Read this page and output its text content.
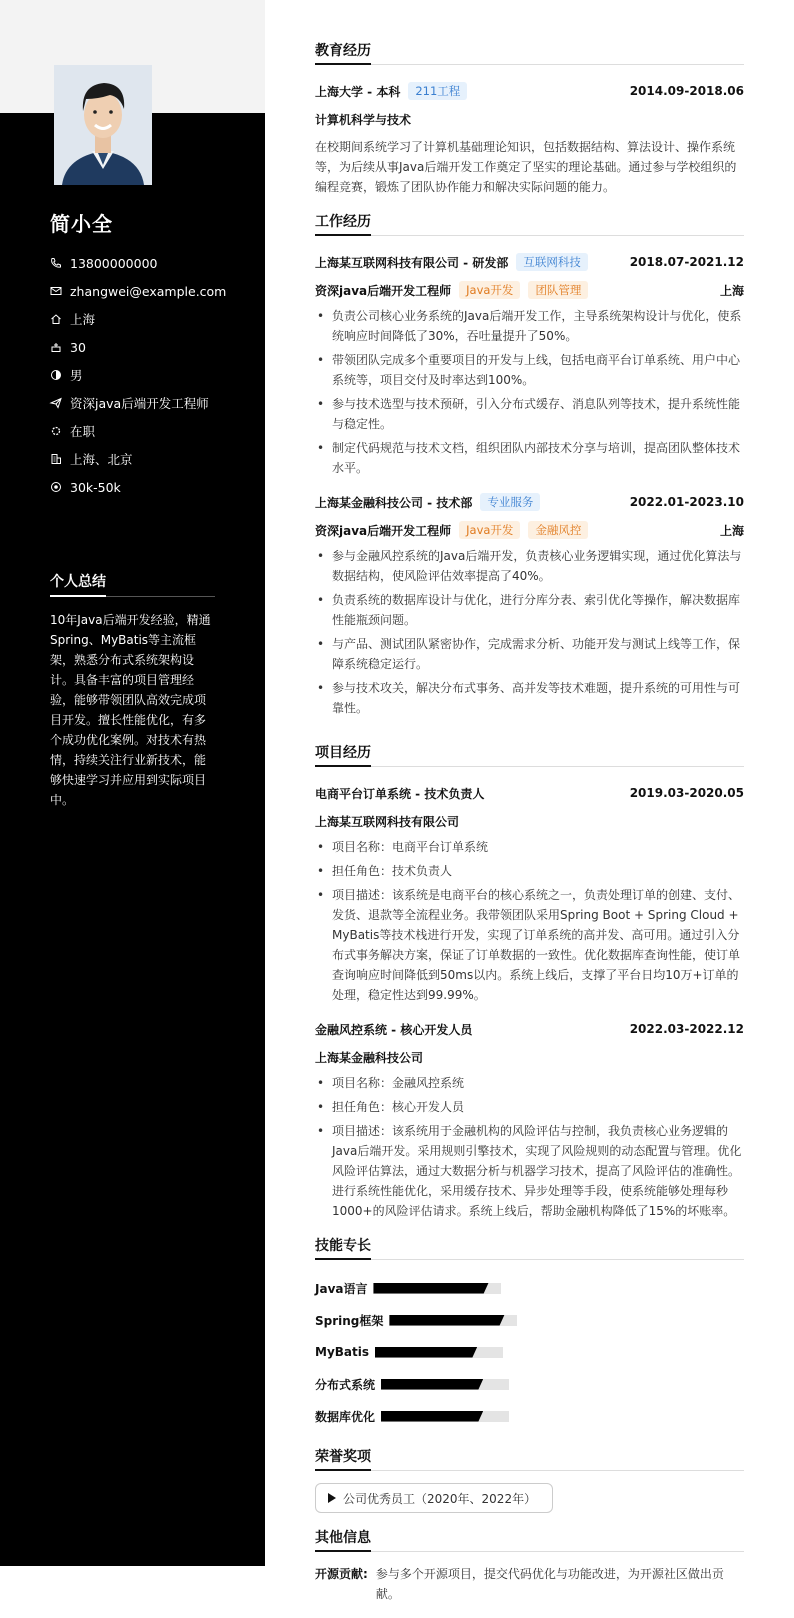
简小全
13800000000
zhangwei@example.com
上海
30
男
资深java后端开发工程师
在职
上海、北京
30k-50k
个人总结
10年Java后端开发经验，精通Spring、MyBatis等主流框架，熟悉分布式系统架构设计。具备丰富的项目管理经验，能够带领团队高效完成项目开发。擅长性能优化，有多个成功优化案例。对技术有热情，持续关注行业新技术，能够快速学习并应用到实际项目中。
教育经历
上海大学 - 本科	211工程	2014.09-2018.06
计算机科学与技术
在校期间系统学习了计算机基础理论知识，包括数据结构、算法设计、操作系统等，为后续从事Java后端开发工作奠定了坚实的理论基础。通过参与学校组织的编程竞赛，锻炼了团队协作能力和解决实际问题的能力。
工作经历
上海某互联网科技有限公司 - 研发部	互联网科技	2018.07-2021.12
资深java后端开发工程师	Java开发	团队管理	上海
• 负责公司核心业务系统的Java后端开发工作，主导系统架构设计与优化，使系统响应时间降低了30%，吞吐量提升了50%。
• 带领团队完成多个重要项目的开发与上线，包括电商平台订单系统、用户中心系统等，项目交付及时率达到100%。
• 参与技术选型与技术预研，引入分布式缓存、消息队列等技术，提升系统性能与稳定性。
• 制定代码规范与技术文档，组织团队内部技术分享与培训，提高团队整体技术水平。
上海某金融科技公司 - 技术部	专业服务	2022.01-2023.10
资深java后端开发工程师	Java开发	金融风控	上海
• 参与金融风控系统的Java后端开发，负责核心业务逻辑实现，通过优化算法与数据结构，使风险评估效率提高了40%。
• 负责系统的数据库设计与优化，进行分库分表、索引优化等操作，解决数据库性能瓶颈问题。
• 与产品、测试团队紧密协作，完成需求分析、功能开发与测试上线等工作，保障系统稳定运行。
• 参与技术攻关，解决分布式事务、高并发等技术难题，提升系统的可用性与可靠性。
项目经历
电商平台订单系统 - 技术负责人	2019.03-2020.05
上海某互联网科技有限公司
• 项目名称：电商平台订单系统
• 担任角色：技术负责人
• 项目描述：该系统是电商平台的核心系统之一，负责处理订单的创建、支付、发货、退款等全流程业务。我带领团队采用Spring Boot + Spring Cloud + MyBatis等技术栈进行开发，实现了订单系统的高并发、高可用。通过引入分布式事务解决方案，保证了订单数据的一致性。优化数据库查询性能，使订单查询响应时间降低到50ms以内。系统上线后，支撑了平台日均10万+订单的处理，稳定性达到99.99%。
金融风控系统 - 核心开发人员	2022.03-2022.12
上海某金融科技公司
• 项目名称：金融风控系统
• 担任角色：核心开发人员
• 项目描述：该系统用于金融机构的风险评估与控制，我负责核心业务逻辑的Java后端开发。采用规则引擎技术，实现了风险规则的动态配置与管理。优化风险评估算法，通过大数据分析与机器学习技术，提高了风险评估的准确性。进行系统性能优化，采用缓存技术、异步处理等手段，使系统能够处理每秒1000+的风险评估请求。系统上线后，帮助金融机构降低了15%的坏账率。
技能专长
Java语言
Spring框架
MyBatis
分布式系统
数据库优化
荣誉奖项
公司优秀员工（2020年、2022年）
其他信息
开源贡献: 参与多个开源项目，提交代码优化与功能改进，为开源社区做出贡献。
